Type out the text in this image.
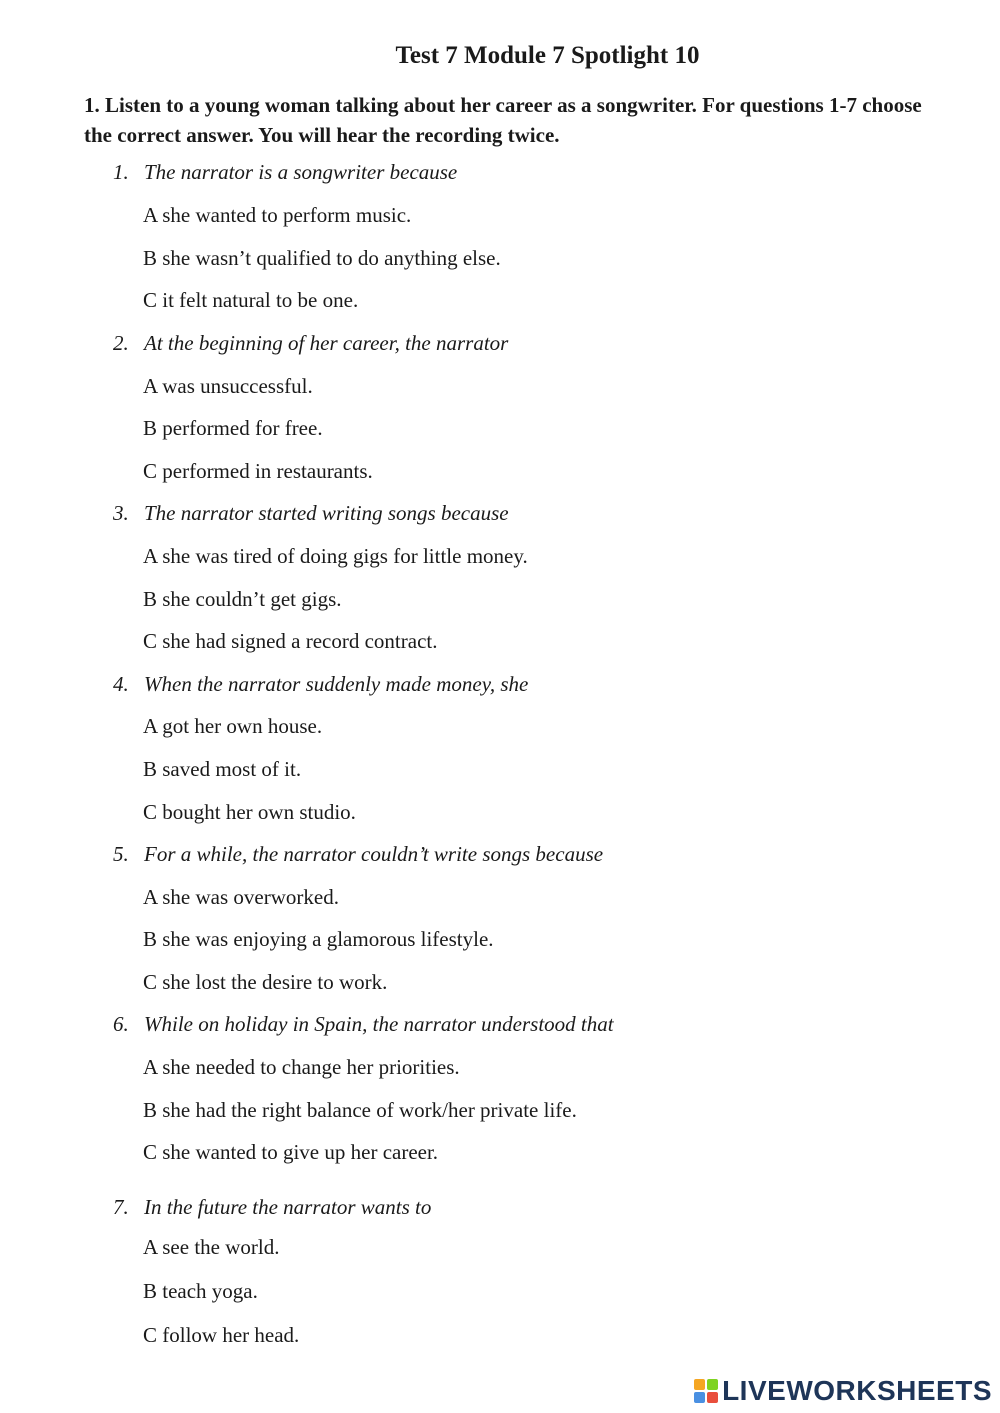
Test 7 Module 7 Spotlight 10
1. Listen to a young woman talking about her career as a songwriter. For questions 1-7 choose the correct answer. You will hear the recording twice.
1. The narrator is a songwriter because
A she wanted to perform music.
B she wasn’t qualified to do anything else.
C it felt natural to be one.
2. At the beginning of her career, the narrator
A was unsuccessful.
B performed for free.
C performed in restaurants.
3. The narrator started writing songs because
A she was tired of doing gigs for little money.
B she couldn’t get gigs.
C she had signed a record contract.
4. When the narrator suddenly made money, she
A got her own house.
B saved most of it.
C bought her own studio.
5. For a while, the narrator couldn’t write songs because
A she was overworked.
B she was enjoying a glamorous lifestyle.
C she lost the desire to work.
6. While on holiday in Spain, the narrator understood that
A she needed to change her priorities.
B she had the right balance of work/her private life.
C she wanted to give up her career.
7. In the future the narrator wants to
A see the world.
B teach yoga.
C follow her head.
LIVEWORKSHEETS
